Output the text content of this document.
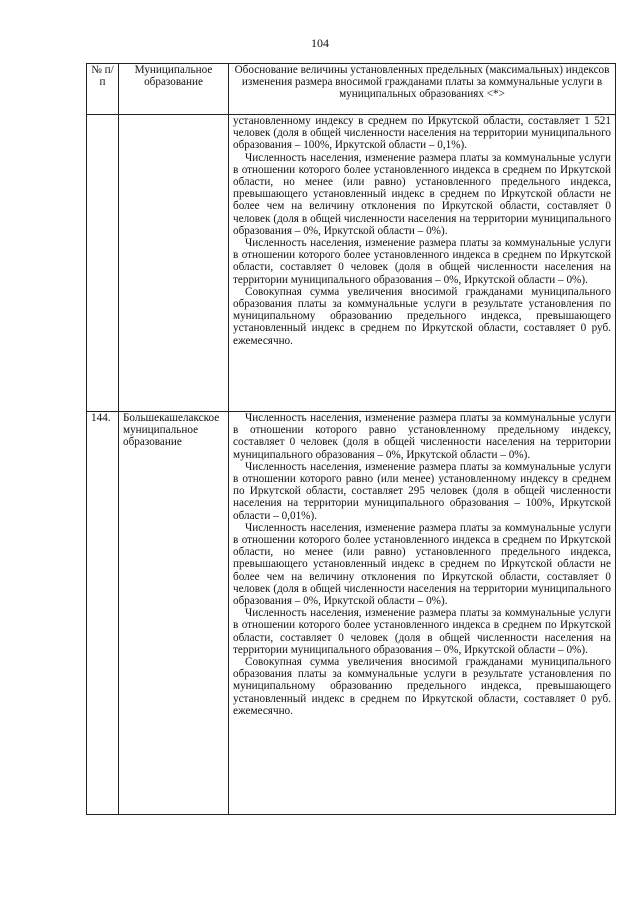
104
№ п/п	Муниципальное образование	Обоснование величины установленных предельных (максимальных) индексов изменения размера вносимой гражданами платы за коммунальные услуги в муниципальных образованиях <*>

		установленному индексу в среднем по Иркутской области, составляет 1 521 человек (доля в общей численности населения на территории муниципального образования – 100%, Иркутской области – 0,1%).

Численность населения, изменение размера платы за коммунальные услуги в отношении которого более установленного индекса в среднем по Иркутской области, но менее (или равно) установленного предельного индекса, превышающего установленный индекс в среднем по Иркутской области не более чем на величину отклонения по Иркутской области, составляет 0 человек (доля в общей численности населения на территории муниципального образования – 0%, Иркутской области – 0%).

Численность населения, изменение размера платы за коммунальные услуги в отношении которого более установленного индекса в среднем по Иркутской области, составляет 0 человек (доля в общей численности населения на территории муниципального образования – 0%, Иркутской области – 0%).

Совокупная сумма увеличения вносимой гражданами муниципального образования платы за коммунальные услуги в результате установления по муниципальному образованию предельного индекса, превышающего установленный индекс в среднем по Иркутской области, составляет 0 руб. ежемесячно.

144.	Большекашелакское муниципальное образование	Численность населения, изменение размера платы за коммунальные услуги в отношении которого равно установленному предельному индексу, составляет 0 человек (доля в общей численности населения на территории муниципального образования – 0%, Иркутской области – 0%).

Численность населения, изменение размера платы за коммунальные услуги в отношении которого равно (или менее) установленному индексу в среднем по Иркутской области, составляет 295 человек (доля в общей численности населения на территории муниципального образования – 100%, Иркутской области – 0,01%).

Численность населения, изменение размера платы за коммунальные услуги в отношении которого более установленного индекса в среднем по Иркутской области, но менее (или равно) установленного предельного индекса, превышающего установленный индекс в среднем по Иркутской области не более чем на величину отклонения по Иркутской области, составляет 0 человек (доля в общей численности населения на территории муниципального образования – 0%, Иркутской области – 0%).

Численность населения, изменение размера платы за коммунальные услуги в отношении которого более установленного индекса в среднем по Иркутской области, составляет 0 человек (доля в общей численности населения на территории муниципального образования – 0%, Иркутской области – 0%).

Совокупная сумма увеличения вносимой гражданами муниципального образования платы за коммунальные услуги в результате установления по муниципальному образованию предельного индекса, превышающего установленный индекс в среднем по Иркутской области, составляет 0 руб. ежемесячно.
